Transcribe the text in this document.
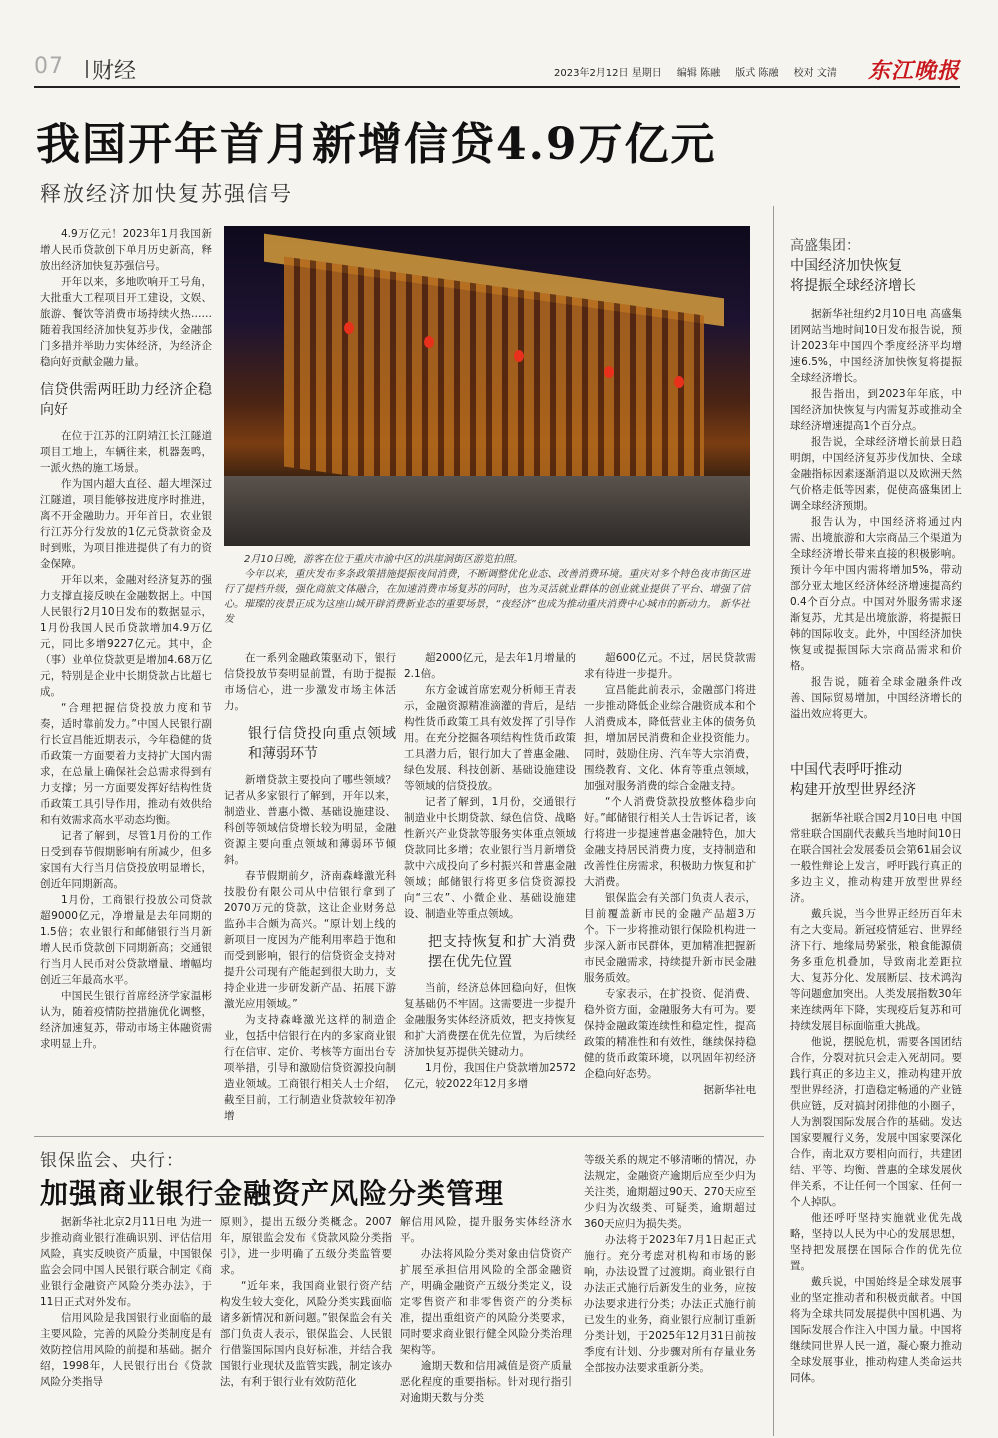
07 财经	2023年2月12日 星期日 编辑 陈融 版式 陈融 校对 文清	东江晚报
我国开年首月新增信贷4.9万亿元
释放经济加快复苏强信号

4.9万亿元！2023年1月我国新增人民币贷款创下单月历史新高，释放出经济加快复苏强信号。

开年以来，多地吹响开工号角，大批重大工程项目开工建设，文娱、旅游、餐饮等消费市场持续火热……随着我国经济加快复苏步伐，金融部门多措并举助力实体经济，为经济企稳向好贡献金融力量。

信贷供需两旺助力经济企稳向好

在位于江苏的江阴靖江长江隧道项目工地上，车辆往来，机器轰鸣，一派火热的施工场景。

作为国内超大直径、超大埋深过江隧道，项目能够按进度序时推进，离不开金融助力。开年首日，农业银行江苏分行发放的1亿元贷款资金及时到账，为项目推进提供了有力的资金保障。

开年以来，金融对经济复苏的强力支撑直接反映在金融数据上。中国人民银行2月10日发布的数据显示，1月份我国人民币贷款增加4.9万亿元，同比多增9227亿元。其中，企（事）业单位贷款更是增加4.68万亿元，特别是企业中长期贷款占比超七成。

“合理把握信贷投放力度和节奏，适时靠前发力。”中国人民银行副行长宣昌能近期表示，今年稳健的货币政策一方面要着力支持扩大国内需求，在总量上确保社会总需求得到有力支撑；另一方面要发挥好结构性货币政策工具引导作用，推动有效供给和有效需求高水平动态均衡。

记者了解到，尽管1月份的工作日受到春节假期影响有所减少，但多家国有大行当月信贷投放明显增长，创近年同期新高。

1月份，工商银行投放公司贷款超9000亿元，净增量是去年同期的1.5倍；农业银行和邮储银行当月新增人民币贷款创下同期新高；交通银行当月人民币对公贷款增量、增幅均创近三年最高水平。

中国民生银行首席经济学家温彬认为，随着疫情防控措施优化调整，经济加速复苏，带动市场主体融资需求明显上升。

2月10日晚，游客在位于重庆市渝中区的洪崖洞街区游览拍照。

今年以来，重庆发布多条政策措施提振夜间消费，不断调整优化业态、改善消费环境。重庆对多个特色夜市街区进行了提档升级，强化商旅文体融合，在加速消费市场复苏的同时，也为灵活就业群体的创业就业提供了平台、增强了信心。璀璨的夜景正成为这座山城开辟消费新业态的重要场景，“夜经济”也成为推动重庆消费中心城市的新动力。 新华社发

在一系列金融政策驱动下，银行信贷投放节奏明显前置，有助于提振市场信心，进一步激发市场主体活力。

银行信贷投向重点领域和薄弱环节

新增贷款主要投向了哪些领域？记者从多家银行了解到，开年以来，制造业、普惠小微、基础设施建设、科创等领域信贷增长较为明显，金融资源主要向重点领域和薄弱环节倾斜。

春节假期前夕，济南森峰激光科技股份有限公司从中信银行拿到了2070万元的贷款，这让企业财务总监孙丰合颇为高兴。“原计划上线的新项目一度因为产能利用率趋于饱和而受到影响，银行的信贷资金支持对提升公司现有产能起到很大助力，支持企业进一步研发新产品、拓展下游激光应用领域。”

为支持森峰激光这样的制造企业，包括中信银行在内的多家商业银行在信审、定价、考核等方面出台专项举措，引导和激励信贷资源投向制造业领域。工商银行相关人士介绍，截至目前，工行制造业贷款较年初净增

超2000亿元，是去年1月增量的2.1倍。

东方金诚首席宏观分析师王青表示，金融资源精准滴灌的背后，是结构性货币政策工具有效发挥了引导作用。在充分挖掘各项结构性货币政策工具潜力后，银行加大了普惠金融、绿色发展、科技创新、基础设施建设等领域的信贷投放。

记者了解到，1月份，交通银行制造业中长期贷款、绿色信贷、战略性新兴产业贷款等服务实体重点领域贷款同比多增；农业银行当月新增贷款中六成投向了乡村振兴和普惠金融领域；邮储银行将更多信贷资源投向“三农”、小微企业、基础设施建设、制造业等重点领域。

把支持恢复和扩大消费摆在优先位置

当前，经济总体回稳向好，但恢复基础仍不牢固。这需要进一步提升金融服务实体经济质效，把支持恢复和扩大消费摆在优先位置，为后续经济加快复苏提供关键动力。

1月份，我国住户贷款增加2572亿元，较2022年12月多增

超600亿元。不过，居民贷款需求有待进一步提升。

宣昌能此前表示，金融部门将进一步推动降低企业综合融资成本和个人消费成本，降低营业主体的债务负担，增加居民消费和企业投资能力。同时，鼓励住房、汽车等大宗消费，围绕教育、文化、体育等重点领域，加强对服务消费的综合金融支持。

“个人消费贷款投放整体稳步向好。”邮储银行相关人士告诉记者，该行将进一步提速普惠金融特色，加大金融支持居民消费力度，支持制造和改善性住房需求，积极助力恢复和扩大消费。

银保监会有关部门负责人表示，目前覆盖新市民的金融产品超3万个。下一步将推动银行保险机构进一步深入新市民群体，更加精准把握新市民金融需求，持续提升新市民金融服务质效。

专家表示，在扩投资、促消费、稳外资方面，金融服务大有可为。要保持金融政策连续性和稳定性，提高政策的精准性和有效性，继续保持稳健的货币政策环境，以巩固年初经济企稳向好态势。

据新华社电

高盛集团：
中国经济加快恢复
将提振全球经济增长

据新华社纽约2月10日电 高盛集团网站当地时间10日发布报告说，预计2023年中国四个季度经济平均增速6.5%，中国经济加快恢复将提振全球经济增长。

报告指出，到2023年年底，中国经济加快恢复与内需复苏或推动全球经济增速提高1个百分点。

报告说，全球经济增长前景日趋明朗，中国经济复苏步伐加快、全球金融指标因素逐渐消退以及欧洲天然气价格走低等因素，促使高盛集团上调全球经济预期。

报告认为，中国经济将通过内需、出境旅游和大宗商品三个渠道为全球经济增长带来直接的积极影响。预计今年中国内需将增加5%，带动部分亚太地区经济体经济增速提高约0.4个百分点。中国对外服务需求逐渐复苏，尤其是出境旅游，将提振日韩的国际收支。此外，中国经济加快恢复或提振国际大宗商品需求和价格。

报告说，随着全球金融条件改善、国际贸易增加，中国经济增长的溢出效应将更大。

中国代表呼吁推动
构建开放型世界经济

据新华社联合国2月10日电 中国常驻联合国副代表戴兵当地时间10日在联合国社会发展委员会第61届会议一般性辩论上发言，呼吁践行真正的多边主义，推动构建开放型世界经济。

戴兵说，当今世界正经历百年未有之大变局。新冠疫情延宕、世界经济下行、地缘局势紧张，粮食能源债务多重危机叠加，导致南北差距拉大、复苏分化、发展断层、技术鸿沟等问题愈加突出。人类发展指数30年来连续两年下降，实现疫后复苏和可持续发展目标面临重大挑战。

他说，摆脱危机，需要各国团结合作，分裂对抗只会走入死胡同。要践行真正的多边主义，推动构建开放型世界经济，打造稳定畅通的产业链供应链，反对搞封闭排他的小圈子，人为割裂国际发展合作的基础。发达国家要履行义务，发展中国家要深化合作，南北双方要相向而行，共建团结、平等、均衡、普惠的全球发展伙伴关系，不让任何一个国家、任何一个人掉队。

他还呼吁坚持实施就业优先战略，坚持以人民为中心的发展思想，坚持把发展摆在国际合作的优先位置。

戴兵说，中国始终是全球发展事业的坚定推动者和积极贡献者。中国将为全球共同发展提供中国机遇、为国际发展合作注入中国力量。中国将继续同世界人民一道，凝心聚力推动全球发展事业，推动构建人类命运共同体。

银保监会、央行：
加强商业银行金融资产风险分类管理

据新华社北京2月11日电 为进一步推动商业银行准确识别、评估信用风险，真实反映资产质量，中国银保监会会同中国人民银行联合制定《商业银行金融资产风险分类办法》，于11日正式对外发布。

信用风险是我国银行业面临的最主要风险，完善的风险分类制度是有效防控信用风险的前提和基础。据介绍，1998年，人民银行出台《贷款风险分类指导

原则》，提出五级分类概念。2007年，原银监会发布《贷款风险分类指引》，进一步明确了五级分类监管要求。

“近年来，我国商业银行资产结构发生较大变化，风险分类实践面临诸多新情况和新问题。”银保监会有关部门负责人表示，银保监会、人民银行借鉴国际国内良好标准，并结合我国银行业现状及监管实践，制定该办法，有利于银行业有效防范化

解信用风险，提升服务实体经济水平。

办法将风险分类对象由信贷资产扩展至承担信用风险的全部金融资产，明确金融资产五级分类定义，设定零售资产和非零售资产的分类标准，提出重组资产的风险分类要求，同时要求商业银行健全风险分类治理架构等。

逾期天数和信用减值是资产质量恶化程度的重要指标。针对现行指引对逾期天数与分类

等级关系的规定不够清晰的情况，办法规定，金融资产逾期后应至少归为关注类，逾期超过90天、270天应至少归为次级类、可疑类，逾期超过360天应归为损失类。

办法将于2023年7月1日起正式施行。充分考虑对机构和市场的影响，办法设置了过渡期。商业银行自办法正式施行后新发生的业务，应按办法要求进行分类；办法正式施行前已发生的业务，商业银行应制订重新分类计划，于2025年12月31日前按季度有计划、分步骤对所有存量业务全部按办法要求重新分类。
